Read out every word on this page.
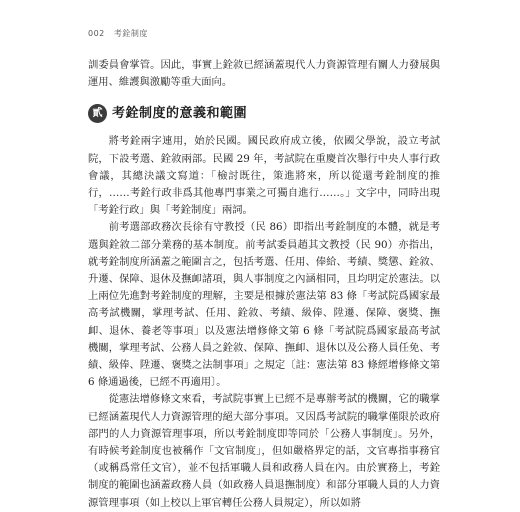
002 考銓制度

訓委員會掌管。因此，事實上銓敘已經涵蓋現代人力資源管理有關人力發展與運用、維護與激勵等重大面向。

貳 考銓制度的意義和範圍

將考銓兩字連用，始於民國。國民政府成立後，依國父學說，設立考試院，下設考選、銓敘兩部。民國 29 年，考試院在重慶首次舉行中央人事行政會議，其總決議文寫道：「檢討既往，策進將來，所以從還考銓制度的推行，……考銓行政非爲其他專門事業之可獨自進行……。」文字中，同時出現「考銓行政」與「考銓制度」兩詞。

前考選部政務次長徐有守教授（民 86）即指出考銓制度的本體，就是考選與銓敘二部分業務的基本制度。前考試委員趙其文教授（民 90）亦指出，就考銓制度所涵蓋之範圍言之，包括考選、任用、俸給、考績、獎懲、銓敘、升遷、保障、退休及撫卹諸項，與人事制度之內涵相同，且均明定於憲法。以上兩位先進對考銓制度的理解，主要是根據於憲法第 83 條「考試院爲國家最高考試機關，掌理考試、任用、銓敘、考績、級俸、陞遷、保障、褒獎、撫卹、退休、養老等事項」以及憲法增修條文第 6 條「考試院爲國家最高考試機關，掌理考試、公務人員之銓敘、保障、撫卹、退休以及公務人員任免、考績、級俸、陞遷、褒獎之法制事項」之規定〔註：憲法第 83 條經增修條文第 6 條通過後，已經不再適用〕。

從憲法增修條文來看，考試院事實上已經不是專辦考試的機關，它的職掌已經涵蓋現代人力資源管理的絕大部分事項。又因爲考試院的職掌僅限於政府部門的人力資源管理事項，所以考銓制度即等同於「公務人事制度」。另外，有時候考銓制度也被稱作「文官制度」，但如嚴格界定的話，文官專指事務官（或稱爲常任文官），並不包括軍職人員和政務人員在內。由於實務上，考銓制度的範圍也涵蓋政務人員（如政務人員退撫制度）和部分軍職人員的人力資源管理事項（如上校以上軍官轉任公務人員規定），所以如將
